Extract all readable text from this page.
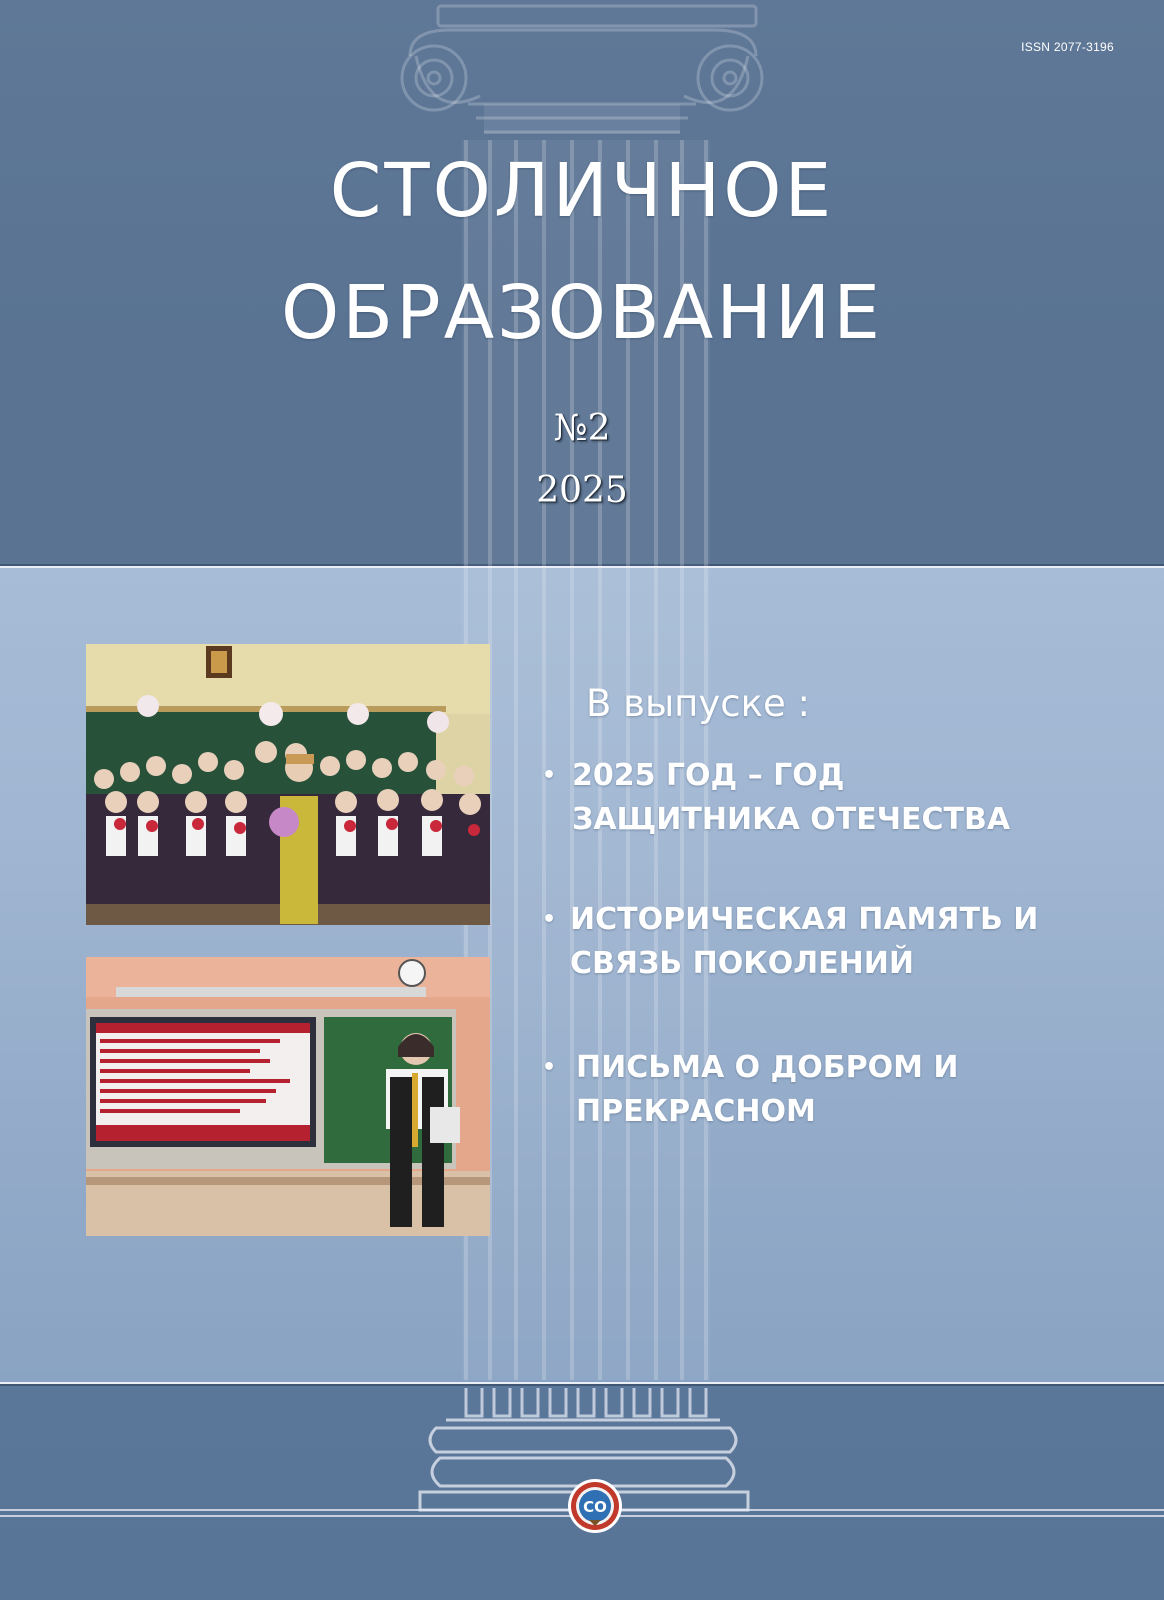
ISSN 2077-3196
СТОЛИЧНОЕ
ОБРАЗОВАНИЕ
№2
2025
В выпуске :
• 2025 ГОД – ГОД
ЗАЩИТНИКА ОТЕЧЕСТВА
• ИСТОРИЧЕСКАЯ ПАМЯТЬ И
СВЯЗЬ ПОКОЛЕНИЙ
• ПИСЬМА О ДОБРОМ И
ПРЕКРАСНОМ
СО
